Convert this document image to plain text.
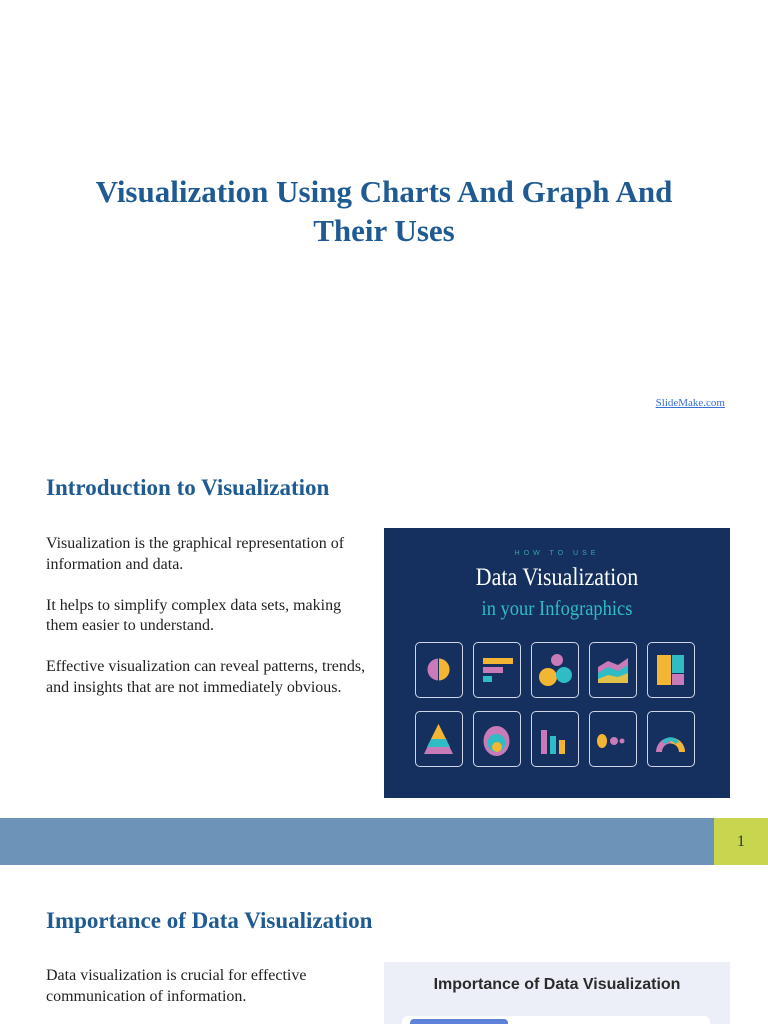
Visualization Using Charts And Graph And Their Uses
SlideMake.com
Introduction to Visualization

Visualization is the graphical representation of information and data.

It helps to simplify complex data sets, making them easier to understand.

Effective visualization can reveal patterns, trends, and insights that are not immediately obvious.

HOW TO USE
Data Visualization
in your Infographics
1
Importance of Data Visualization

Data visualization is crucial for effective communication of information.

Importance of Data Visualization
